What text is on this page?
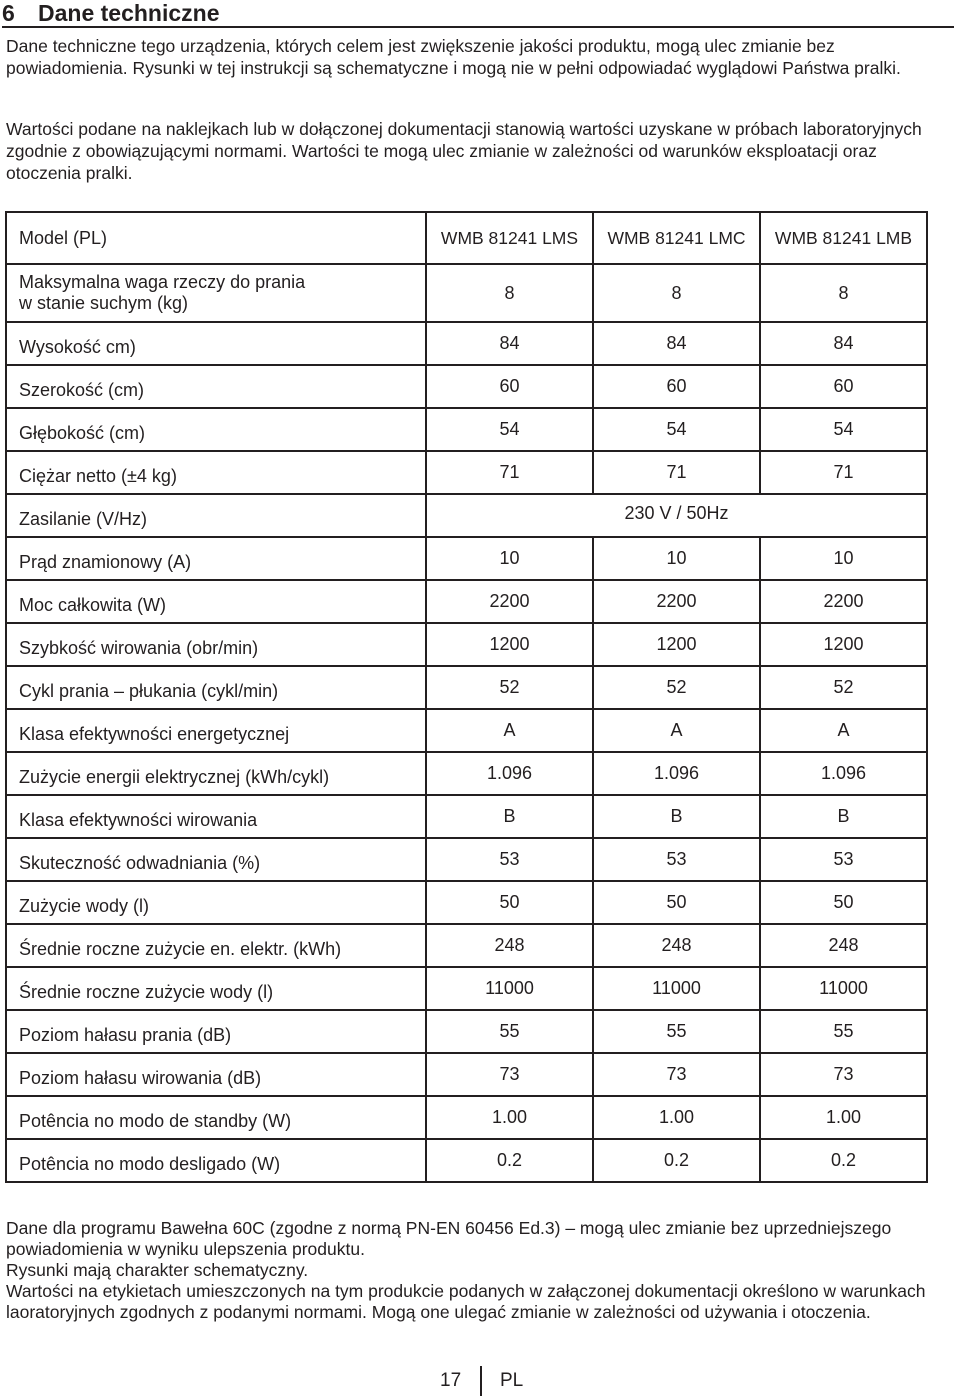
6 Dane techniczne

Dane techniczne tego urządzenia, których celem jest zwiększenie jakości produktu, mogą ulec zmianie bez powiadomienia. Rysunki w tej instrukcji są schematyczne i mogą nie w pełni odpowiadać wyglądowi Państwa pralki.

Wartości podane na naklejkach lub w dołączonej dokumentacji stanowią wartości uzyskane w próbach laboratoryjnych zgodnie z obowiązującymi normami. Wartości te mogą ulec zmianie w zależności od warunków eksploatacji oraz otoczenia pralki.

Model (PL)	WMB 81241 LMS	WMB 81241 LMC	WMB 81241 LMB
Maksymalna waga rzeczy do prania
w stanie suchym (kg)	8	8	8
Wysokość cm)	84	84	84
Szerokość (cm)	60	60	60
Głębokość (cm)	54	54	54
Ciężar netto (±4 kg)	71	71	71
Zasilanie (V/Hz)	230 V / 50Hz		
Prąd znamionowy (A)	10	10	10
Moc całkowita (W)	2200	2200	2200
Szybkość wirowania (obr/min)	1200	1200	1200
Cykl prania – płukania (cykl/min)	52	52	52
Klasa efektywności energetycznej	A	A	A
Zużycie energii elektrycznej (kWh/cykl)	1.096	1.096	1.096
Klasa efektywności wirowania	B	B	B
Skuteczność odwadniania (%)	53	53	53
Zużycie wody (l)	50	50	50
Średnie roczne zużycie en. elektr. (kWh)	248	248	248
Średnie roczne zużycie wody (l)	11000	11000	11000
Poziom hałasu prania (dB)	55	55	55
Poziom hałasu wirowania (dB)	73	73	73
Potência no modo de standby (W)	1.00	1.00	1.00
Potência no modo desligado (W)	0.2	0.2	0.2
Dane dla programu Bawełna 60C (zgodne z normą PN-EN 60456 Ed.3) – mogą ulec zmianie bez uprzedniejszego powiadomienia w wyniku ulepszenia produktu.
Rysunki mają charakter schematyczny.
Wartości na etykietach umieszczonych na tym produkcie podanych w załączonej dokumentacji określono w warunkach laoratoryjnych zgodnych z podanymi normami. Mogą one ulegać zmianie w zależności od używania i otoczenia.
17 PL
